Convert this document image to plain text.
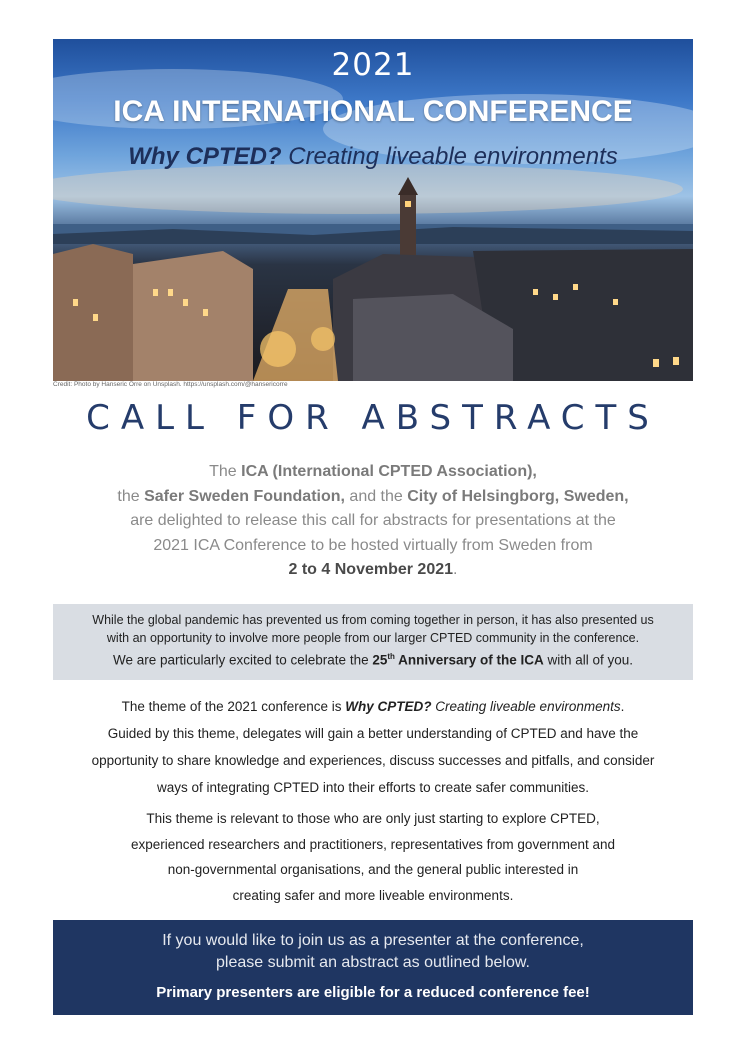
2021
ICA INTERNATIONAL CONFERENCE
Why CPTED? Creating liveable environments
Credit: Photo by Hanseric Orre on Unsplash. https://unsplash.com/@hansericorre
CALL FOR ABSTRACTS
The ICA (International CPTED Association),
the Safer Sweden Foundation, and the City of Helsingborg, Sweden,
are delighted to release this call for abstracts for presentations at the
2021 ICA Conference to be hosted virtually from Sweden from
2 to 4 November 2021.
While the global pandemic has prevented us from coming together in person, it has also presented us
with an opportunity to involve more people from our larger CPTED community in the conference.
We are particularly excited to celebrate the 25th Anniversary of the ICA with all of you.
The theme of the 2021 conference is Why CPTED? Creating liveable environments.
Guided by this theme, delegates will gain a better understanding of CPTED and have the
opportunity to share knowledge and experiences, discuss successes and pitfalls, and consider
ways of integrating CPTED into their efforts to create safer communities.
This theme is relevant to those who are only just starting to explore CPTED,
experienced researchers and practitioners, representatives from government and
non-governmental organisations, and the general public interested in
creating safer and more liveable environments.
If you would like to join us as a presenter at the conference,
please submit an abstract as outlined below.
Primary presenters are eligible for a reduced conference fee!
